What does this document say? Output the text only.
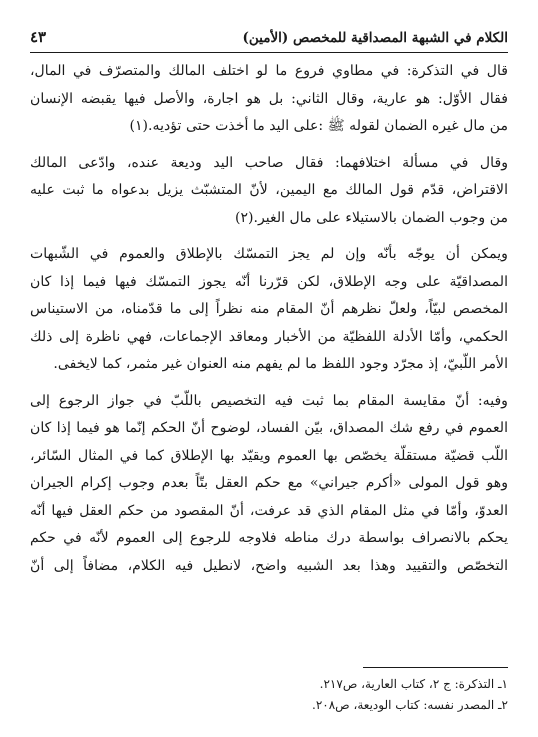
الكلام في الشبهة المصداقية للمخصص (الأمين)
٤٣
قال في التذكرة: في مطاوي فروع ما لو اختلف المالك والمتصرّف في المال،
فقال الأوّل: هو عارية، وقال الثاني: بل هو اجارة، والأصل فيها يقبضه الإنسان
من مال غيره الضمان لقوله ﷺ :على اليد ما أخذت حتى تؤديه.(١)
وقال في مسألة اختلافهما: فقال صاحب اليد وديعة عنده، وادّعى المالك
الاقتراض، قدّم قول المالك مع اليمين، لأنّ المتشبّث يزيل بدعواه ما ثبت عليه
من وجوب الضمان بالاستيلاء على مال الغير.(٢)
ويمكن أن يوجّه بأنّه وإن لم يجز التمسّك بالإطلاق والعموم في الشّبهات
المصداقيّة على وجه الإطلاق، لكن قرّرنا أنّه يجوز التمسّك فيها فيما إذا كان
المخصص لبيّاً، ولعلّ نظرهم أنّ المقام منه نظراً إلى ما قدّمناه، من الاستيناس
الحكمي، وأمّا الأدلة اللفظيّة من الأخبار ومعاقد الإجماعات، فهي ناظرة إلى ذلك
الأمر اللّبيّ، إذ مجرّد وجود اللفظ ما لم يفهم منه العنوان غير مثمر، كما لايخفى.
وفيه: أنّ مقايسة المقام بما ثبت فيه التخصيص باللّبّ في جواز الرجوع إلى
العموم في رفع شك المصداق، بيّن الفساد، لوضوح أنّ الحكم إنّما هو فيما إذا كان
اللّب قضيّة مستقلّة يخصّص بها العموم ويقيّد بها الإطلاق كما في المثال السّائر،
وهو قول المولى «أكرم جيراني» مع حكم العقل بتّاً بعدم وجوب إكرام الجيران
العدوّ، وأمّا في مثل المقام الذي قد عرفت، أنّ المقصود من حكم العقل فيها أنّه
يحكم بالانصراف بواسطة درك مناطه فلاوجه للرجوع إلى العموم لأنّه في حكم
التخصّص والتقييد وهذا بعد الشبيه واضح، لانطيل فيه الكلام، مضافاً إلى أنّ
١ـ التذكرة: ج ٢، كتاب العارية، ص٢١٧.
٢ـ المصدر نفسه: كتاب الوديعة، ص٢٠٨.
